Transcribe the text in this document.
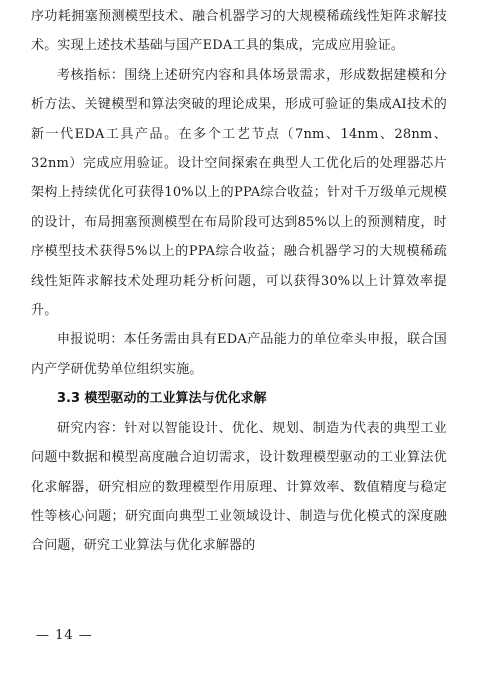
序功耗拥塞预测模型技术、融合机器学习的大规模稀疏线性矩阵求解技术。实现上述技术基础与国产EDA工具的集成，完成应用验证。

考核指标：围绕上述研究内容和具体场景需求，形成数据建模和分析方法、关键模型和算法突破的理论成果，形成可验证的集成AI技术的新一代EDA工具产品。在多个工艺节点（7nm、14nm、28nm、32nm）完成应用验证。设计空间探索在典型人工优化后的处理器芯片架构上持续优化可获得10%以上的PPA综合收益；针对千万级单元规模的设计，布局拥塞预测模型在布局阶段可达到85%以上的预测精度，时序模型技术获得5%以上的PPA综合收益；融合机器学习的大规模稀疏线性矩阵求解技术处理功耗分析问题，可以获得30%以上计算效率提升。

申报说明：本任务需由具有EDA产品能力的单位牵头申报，联合国内产学研优势单位组织实施。

3.3 模型驱动的工业算法与优化求解

研究内容：针对以智能设计、优化、规划、制造为代表的典型工业问题中数据和模型高度融合迫切需求，设计数理模型驱动的工业算法优化求解器，研究相应的数理模型作用原理、计算效率、数值精度与稳定性等核心问题；研究面向典型工业领域设计、制造与优化模式的深度融合问题，研究工业算法与优化求解器的

— 14 —
